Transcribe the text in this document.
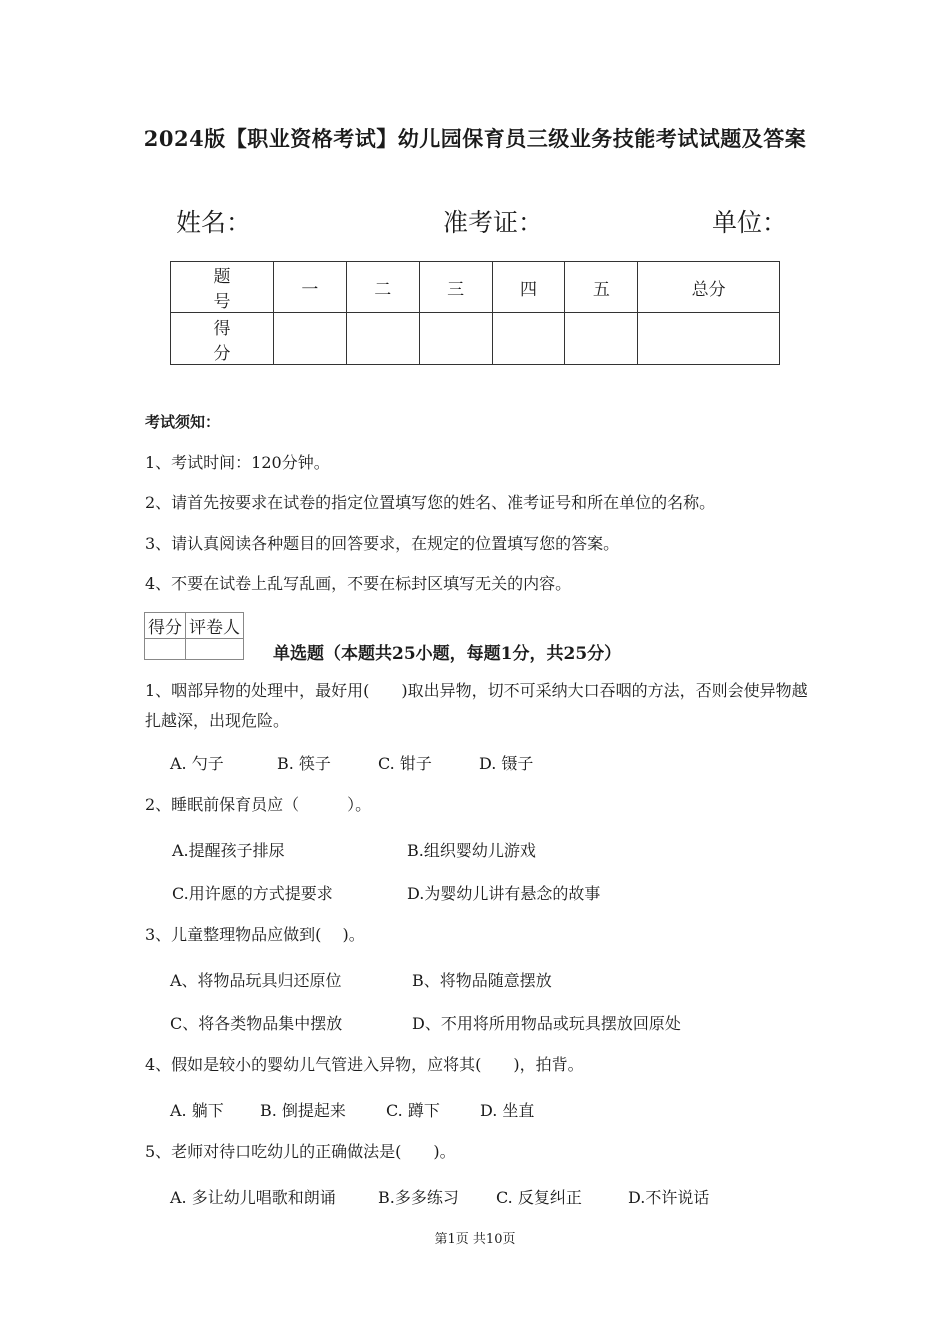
2024版【职业资格考试】幼儿园保育员三级业务技能考试试题及答案
姓名：	准考证：	单位：
题　号	一	二	三	四	五	总分
得　分						
考试须知：
1、考试时间：120分钟。
2、请首先按要求在试卷的指定位置填写您的姓名、准考证号和所在单位的名称。
3、请认真阅读各种题目的回答要求，在规定的位置填写您的答案。
4、不要在试卷上乱写乱画，不要在标封区填写无关的内容。
得分	评卷人

单选题（本题共25小题，每题1分，共25分）
1、咽部异物的处理中，最好用(　　)取出异物，切不可采纳大口吞咽的方法，否则会使异物越扎越深，出现危险。
A. 勺子	B. 筷子	C. 钳子	D. 镊子
2、睡眠前保育员应（　　　）。
A.提醒孩子排尿	B.组织婴幼儿游戏
C.用许愿的方式提要求	D.为婴幼儿讲有悬念的故事
3、儿童整理物品应做到(　 )。
A、将物品玩具归还原位	B、将物品随意摆放
C、将各类物品集中摆放	D、不用将所用物品或玩具摆放回原处
4、假如是较小的婴幼儿气管进入异物，应将其(　　)，拍背。
A. 躺下 B. 倒提起来	C. 蹲下	D. 坐直
5、老师对待口吃幼儿的正确做法是(　　)。
A. 多让幼儿唱歌和朗诵	B.多多练习 C. 反复纠正	D.不许说话
第1页 共10页
